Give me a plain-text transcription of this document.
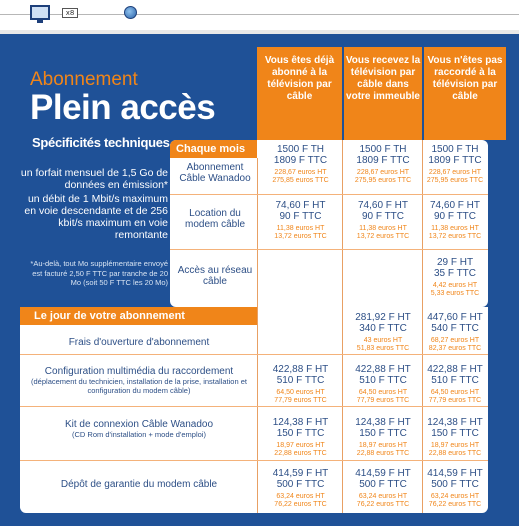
x8
Abonnement
Plein accès
Spécificités techniques
un forfait mensuel de 1,5 Go de données en émission*
un débit de 1 Mbit/s maximum en voie descendante et de 256 kbit/s maximum en voie remontante
*Au-delà, tout Mo supplémentaire envoyé est facturé 2,50 F TTC par tranche de 20 Mo (soit 50 F TTC les 20 Mo)
Vous êtes déjà abonné à la télévision par câble
Vous recevez la télévision par câble dans votre immeuble
Vous n'êtes pas raccordé à la télévision par câble
Chaque mois
Le jour de votre abonnement
Abonnement Câble Wanadoo
Location du modem câble
Accès au réseau câble
1500 F TH
1809 F TTC
228,67 euros HT
275,85 euros TTC
1500 F TH
1809 F TTC
228,67 euros HT
275,95 euros TTC
1500 F TH
1809 F TTC
228,67 euros HT
275,95 euros TTC
74,60 F HT
90 F TTC
11,38 euros HT
13,72 euros TTC
74,60 F HT
90 F TTC
11,38 euros HT
13,72 euros TTC
74,60 F HT
90 F TTC
11,38 euros HT
13,72 euros TTC
29 F HT
35 F TTC
4,42 euros HT
5,33 euros TTC
Frais d'ouverture d'abonnement
Configuration multimédia du raccordement
(déplacement du technicien, installation de la prise, installation et configuration du modem câble)
Kit de connexion Câble Wanadoo
(CD Rom d'installation + mode d'emploi)
Dépôt de garantie du modem câble
281,92 F HT
340 F TTC
43 euros HT
51,83 euros TTC
447,60 F HT
540 F TTC
68,27 euros HT
82,37 euros TTC
422,88 F HT
510 F TTC
64,50 euros HT
77,79 euros TTC
422,88 F HT
510 F TTC
64,50 euros HT
77,79 euros TTC
422,88 F HT
510 F TTC
64,50 euros HT
77,79 euros TTC
124,38 F HT
150 F TTC
18,97 euros HT
22,88 euros TTC
124,38 F HT
150 F TTC
18,97 euros HT
22,88 euros TTC
124,38 F HT
150 F TTC
18,97 euros HT
22,88 euros TTC
414,59 F HT
500 F TTC
63,24 euros HT
76,22 euros TTC
414,59 F HT
500 F TTC
63,24 euros HT
76,22 euros TTC
414,59 F HT
500 F TTC
63,24 euros HT
76,22 euros TTC
